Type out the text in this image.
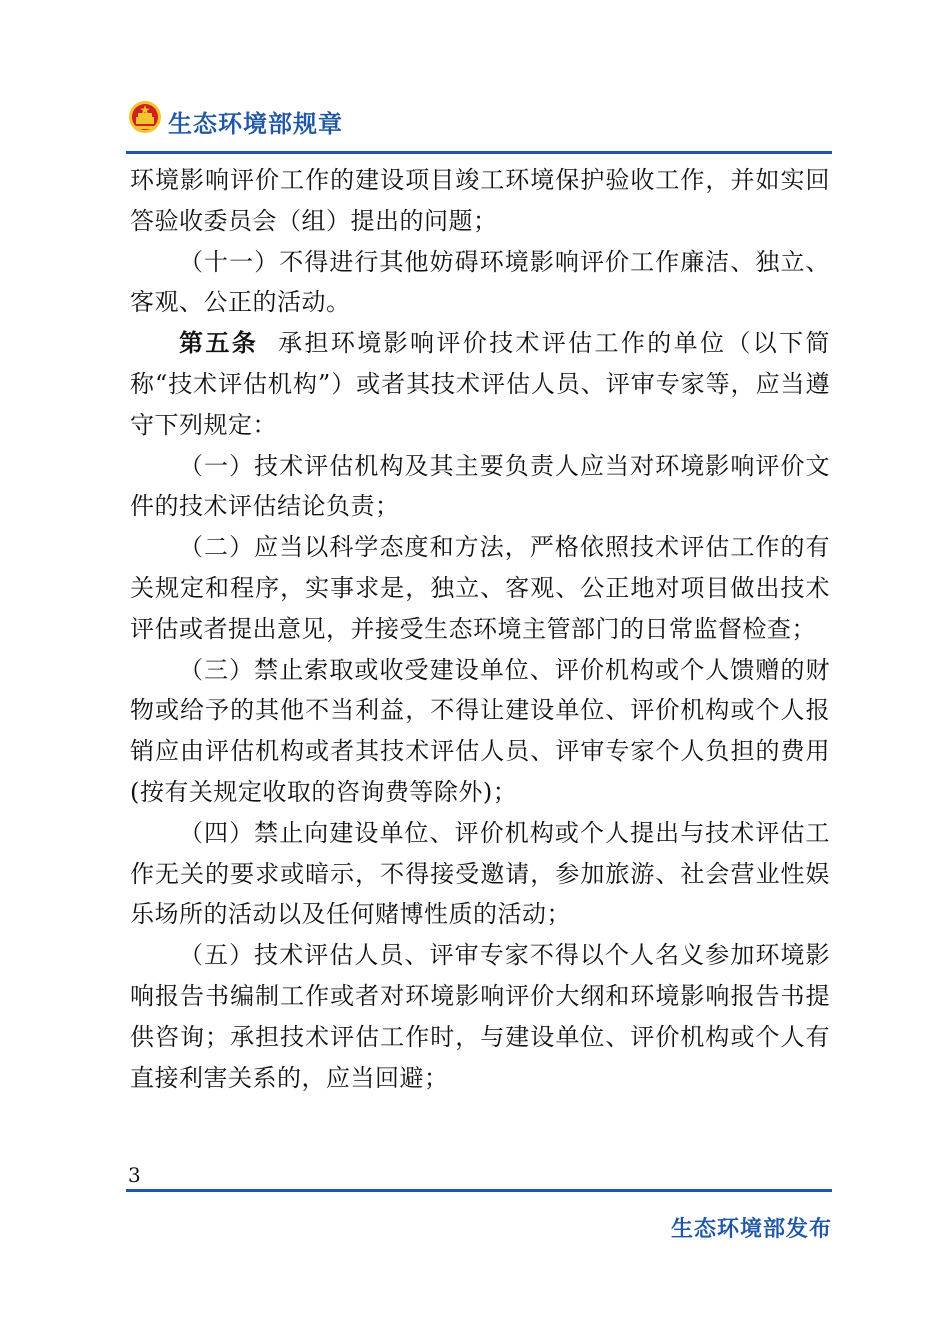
生态环境部规章

环境影响评价工作的建设项目竣工环境保护验收工作，并如实回答验收委员会（组）提出的问题；

（十一）不得进行其他妨碍环境影响评价工作廉洁、独立、客观、公正的活动。

第五条 承担环境影响评价技术评估工作的单位（以下简称“技术评估机构”）或者其技术评估人员、评审专家等，应当遵守下列规定：

（一）技术评估机构及其主要负责人应当对环境影响评价文件的技术评估结论负责；

（二）应当以科学态度和方法，严格依照技术评估工作的有关规定和程序，实事求是，独立、客观、公正地对项目做出技术评估或者提出意见，并接受生态环境主管部门的日常监督检查；

（三）禁止索取或收受建设单位、评价机构或个人馈赠的财物或给予的其他不当利益，不得让建设单位、评价机构或个人报销应由评估机构或者其技术评估人员、评审专家个人负担的费用(按有关规定收取的咨询费等除外)；

（四）禁止向建设单位、评价机构或个人提出与技术评估工作无关的要求或暗示，不得接受邀请，参加旅游、社会营业性娱乐场所的活动以及任何赌博性质的活动；

（五）技术评估人员、评审专家不得以个人名义参加环境影响报告书编制工作或者对环境影响评价大纲和环境影响报告书提供咨询；承担技术评估工作时，与建设单位、评价机构或个人有直接利害关系的，应当回避；

3
生态环境部发布
